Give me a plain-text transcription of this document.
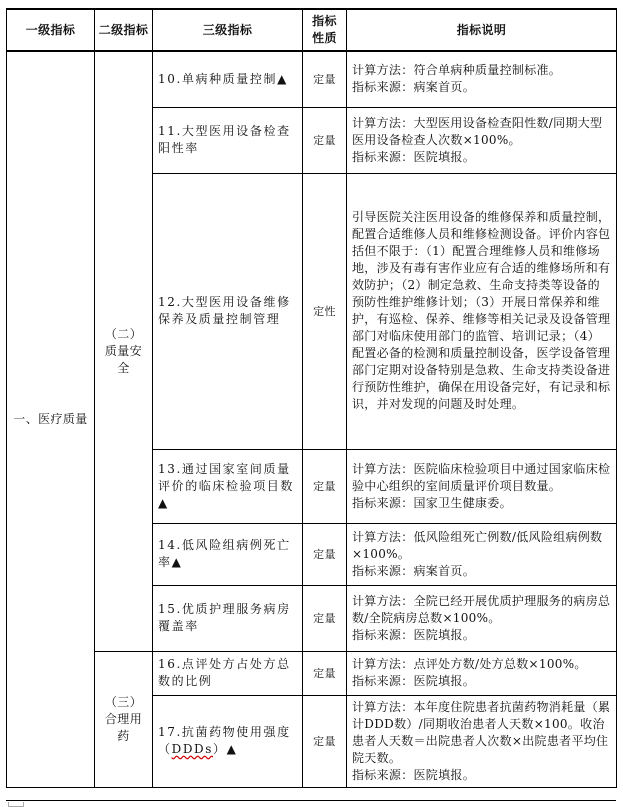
一级指标	二级指标	三级指标	指标性质	指标说明
一、医疗质量	（二）质量安全	10.单病种质量控制▲	定量	计算方法：符合单病种质量控制标准。
指标来源：病案首页。

		11.大型医用设备检查阳性率	定量	计算方法：大型医用设备检查阳性数/同期大型医用设备检查人次数×100%。
指标来源：医院填报。

		12.大型医用设备维修保养及质量控制管理	定性	引导医院关注医用设备的维修保养和质量控制，配置合适维修人员和维修检测设备。评价内容包括但不限于：（1）配置合理维修人员和维修场地，涉及有毒有害作业应有合适的维修场所和有效防护；（2）制定急救、生命支持类等设备的预防性维护维修计划；（3）开展日常保养和维护，有巡检、保养、维修等相关记录及设备管理部门对临床使用部门的监管、培训记录；（4）配置必备的检测和质量控制设备，医学设备管理部门定期对设备特别是急救、生命支持类设备进行预防性维护，确保在用设备完好，有记录和标识，并对发现的问题及时处理。

		13.通过国家室间质量评价的临床检验项目数▲	定量	计算方法：医院临床检验项目中通过国家临床检验中心组织的室间质量评价项目数量。
指标来源：国家卫生健康委。

		14.低风险组病例死亡率▲	定量	计算方法：低风险组死亡例数/低风险组病例数×100%。
指标来源：病案首页。

		15.优质护理服务病房覆盖率	定量	计算方法：全院已经开展优质护理服务的病房总数/全院病房总数×100%。
指标来源：医院填报。

	（三）合理用药	16.点评处方占处方总数的比例	定量	计算方法：点评处方数/处方总数×100%。
指标来源：医院填报。

		17.抗菌药物使用强度（DDDs）▲	定量	计算方法：本年度住院患者抗菌药物消耗量（累计DDD数）/同期收治患者人天数×100。收治患者人天数＝出院患者人次数×出院患者平均住院天数。
指标来源：医院填报。
